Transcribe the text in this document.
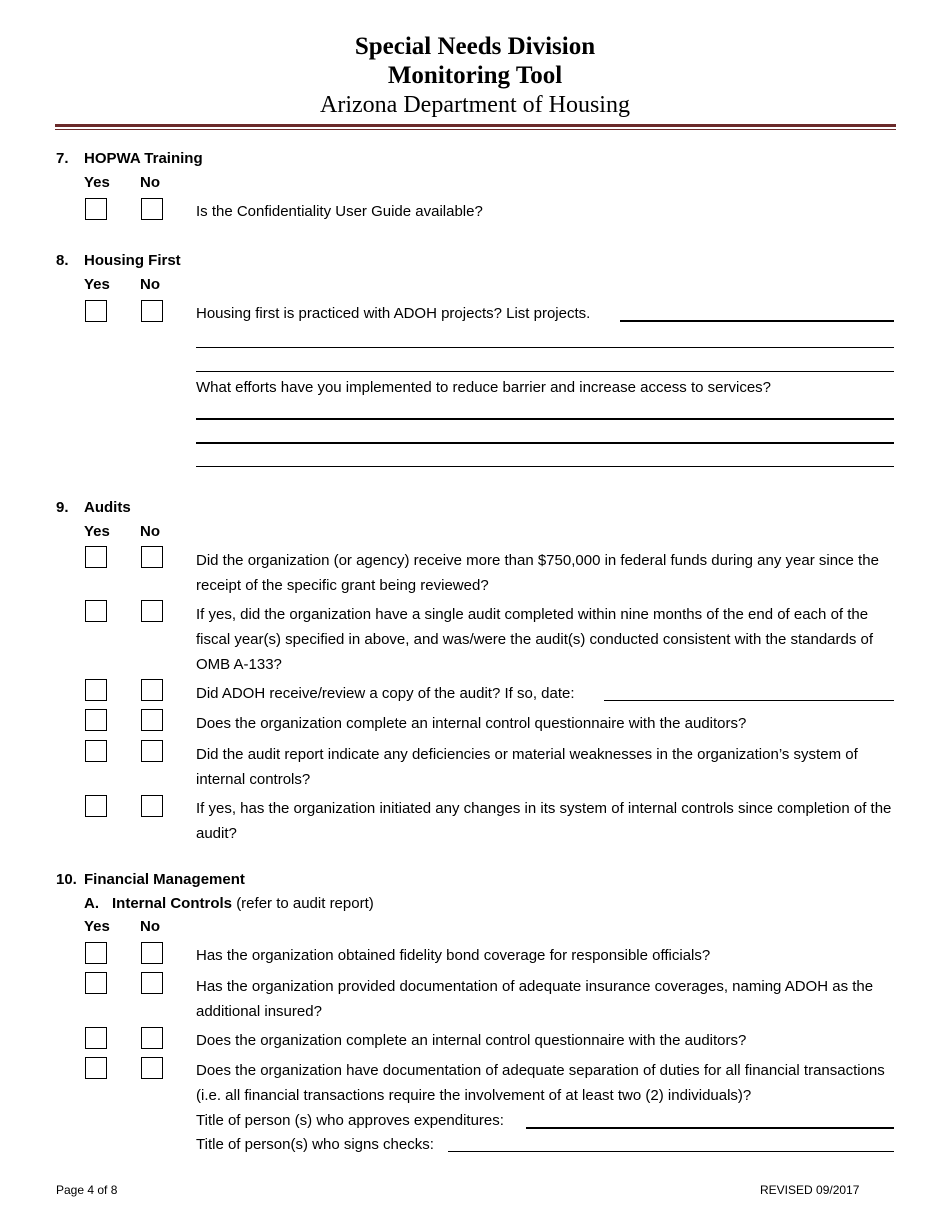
Special Needs Division
Monitoring Tool
Arizona Department of Housing
7. HOPWA Training
Yes No
Is the Confidentiality User Guide available?
8. Housing First
Yes No
Housing first is practiced with ADOH projects? List projects.
What efforts have you implemented to reduce barrier and increase access to services?
9. Audits
Yes No
Did the organization (or agency) receive more than $750,000 in federal funds during any year since the receipt of the specific grant being reviewed?
If yes, did the organization have a single audit completed within nine months of the end of each of the fiscal year(s) specified in above, and was/were the audit(s) conducted consistent with the standards of OMB A-133?
Did ADOH receive/review a copy of the audit? If so, date:
Does the organization complete an internal control questionnaire with the auditors?
Did the audit report indicate any deficiencies or material weaknesses in the organization’s system of internal controls?
If yes, has the organization initiated any changes in its system of internal controls since completion of the audit?
10. Financial Management
A. Internal Controls (refer to audit report)
Yes No
Has the organization obtained fidelity bond coverage for responsible officials?
Has the organization provided documentation of adequate insurance coverages, naming ADOH as the additional insured?
Does the organization complete an internal control questionnaire with the auditors?
Does the organization have documentation of adequate separation of duties for all financial transactions (i.e. all financial transactions require the involvement of at least two (2) individuals)?
Title of person (s) who approves expenditures:
Title of person(s) who signs checks:
Page 4 of 8	REVISED 09/2017
